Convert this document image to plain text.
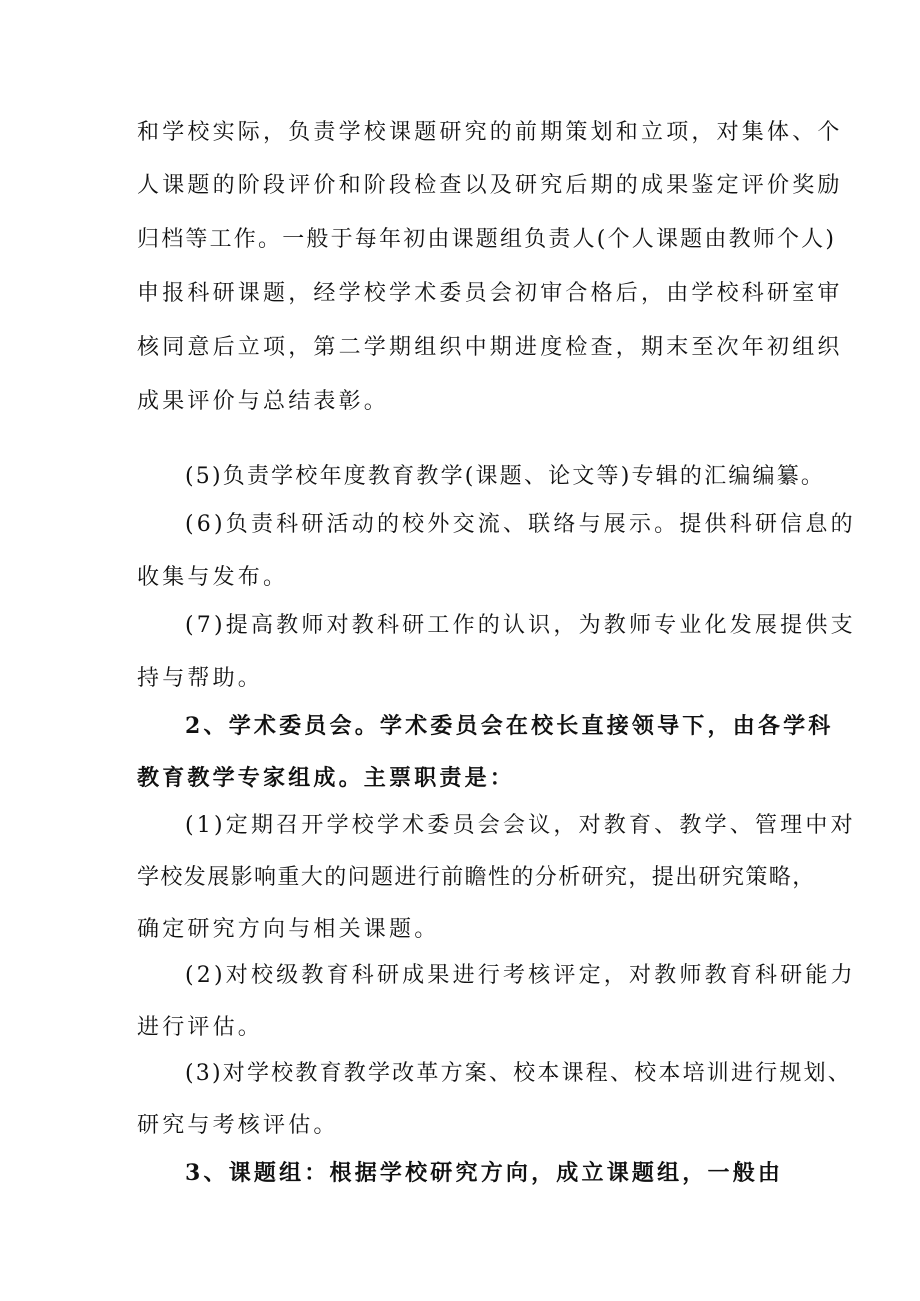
和学校实际，负责学校课题研究的前期策划和立项，对集体、个
人课题的阶段评价和阶段检查以及研究后期的成果鉴定评价奖励
归档等工作。一般于每年初由课题组负责人(个人课题由教师个人)
申报科研课题，经学校学术委员会初审合格后，由学校科研室审
核同意后立项，第二学期组织中期进度检查，期末至次年初组织
成果评价与总结表彰。
(5)负责学校年度教育教学(课题、论文等)专辑的汇编编纂。
(6)负责科研活动的校外交流、联络与展示。提供科研信息的
收集与发布。
(7)提高教师对教科研工作的认识，为教师专业化发展提供支
持与帮助。
2、学术委员会。学术委员会在校长直接领导下，由各学科
教育教学专家组成。主票职责是：
(1)定期召开学校学术委员会会议，对教育、教学、管理中对
学校发展影响重大的问题进行前瞻性的分析研究，提出研究策略，
确定研究方向与相关课题。
(2)对校级教育科研成果进行考核评定，对教师教育科研能力
进行评估。
(3)对学校教育教学改革方案、校本课程、校本培训进行规划、
研究与考核评估。
3、课题组：根据学校研究方向，成立课题组，一般由
